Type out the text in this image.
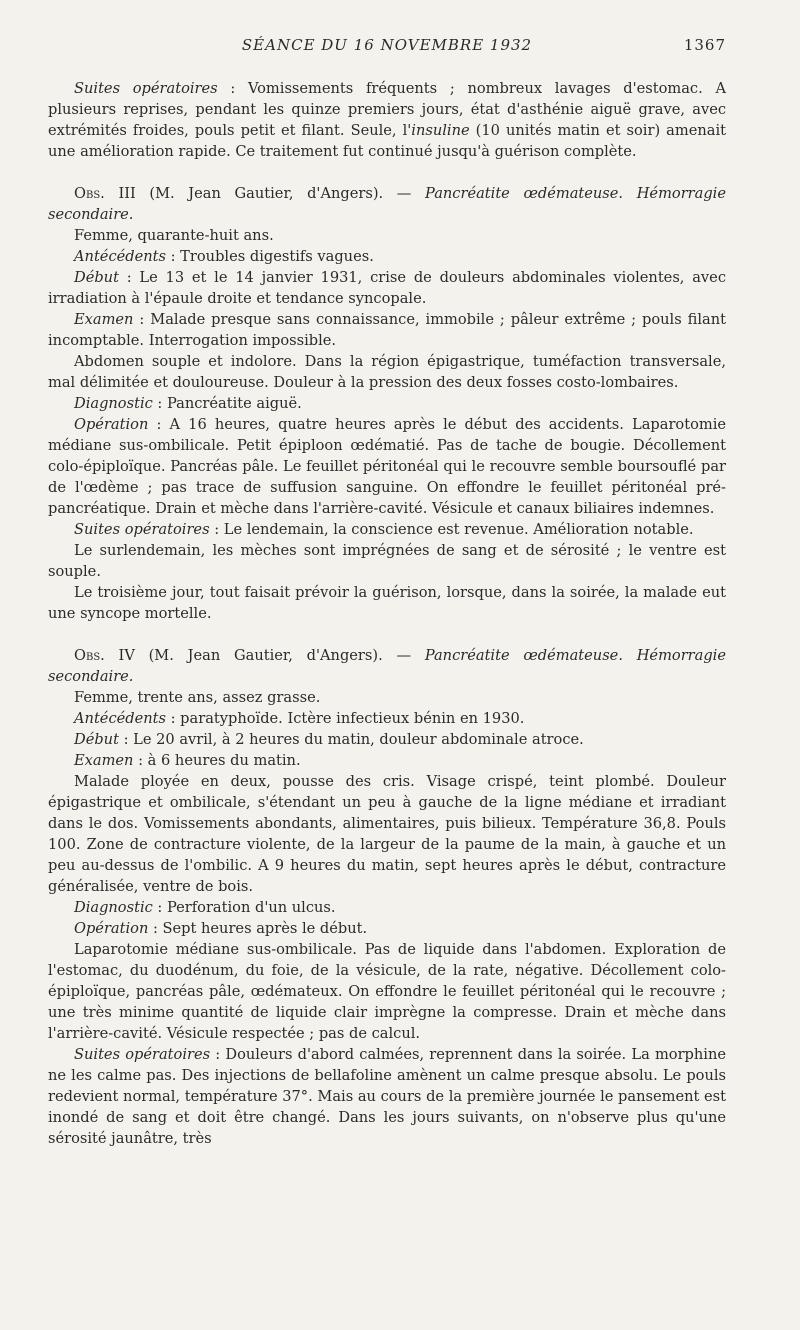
SÉANCE DU 16 NOVEMBRE 1932	1367

Suites opératoires : Vomissements fréquents ; nombreux lavages d'estomac. A plusieurs reprises, pendant les quinze premiers jours, état d'asthénie aiguë grave, avec extrémités froides, pouls petit et filant. Seule, l'insuline (10 unités matin et soir) amenait une amélioration rapide. Ce traitement fut continué jusqu'à guérison complète.

Obs. III (M. Jean Gautier, d'Angers). — Pancréatite œdémateuse. Hémorragie secondaire.

Femme, quarante-huit ans.

Antécédents : Troubles digestifs vagues.

Début : Le 13 et le 14 janvier 1931, crise de douleurs abdominales violentes, avec irradiation à l'épaule droite et tendance syncopale.

Examen : Malade presque sans connaissance, immobile ; pâleur extrême ; pouls filant incomptable. Interrogation impossible.

Abdomen souple et indolore. Dans la région épigastrique, tuméfaction transversale, mal délimitée et douloureuse. Douleur à la pression des deux fosses costo-lombaires.

Diagnostic : Pancréatite aiguë.

Opération : A 16 heures, quatre heures après le début des accidents. Laparotomie médiane sus-ombilicale. Petit épiploon œdématié. Pas de tache de bougie. Décollement colo-épiploïque. Pancréas pâle. Le feuillet péritonéal qui le recouvre semble boursouflé par de l'œdème ; pas trace de suffusion sanguine. On effondre le feuillet péritonéal pré-pancréatique. Drain et mèche dans l'arrière-cavité. Vésicule et canaux biliaires indemnes.

Suites opératoires : Le lendemain, la conscience est revenue. Amélioration notable.

Le surlendemain, les mèches sont imprégnées de sang et de sérosité ; le ventre est souple.

Le troisième jour, tout faisait prévoir la guérison, lorsque, dans la soirée, la malade eut une syncope mortelle.

Obs. IV (M. Jean Gautier, d'Angers). — Pancréatite œdémateuse. Hémorragie secondaire.

Femme, trente ans, assez grasse.

Antécédents : paratyphoïde. Ictère infectieux bénin en 1930.

Début : Le 20 avril, à 2 heures du matin, douleur abdominale atroce.

Examen : à 6 heures du matin.

Malade ployée en deux, pousse des cris. Visage crispé, teint plombé. Douleur épigastrique et ombilicale, s'étendant un peu à gauche de la ligne médiane et irradiant dans le dos. Vomissements abondants, alimentaires, puis bilieux. Température 36,8. Pouls 100. Zone de contracture violente, de la largeur de la paume de la main, à gauche et un peu au-dessus de l'ombilic. A 9 heures du matin, sept heures après le début, contracture généralisée, ventre de bois.

Diagnostic : Perforation d'un ulcus.

Opération : Sept heures après le début.

Laparotomie médiane sus-ombilicale. Pas de liquide dans l'abdomen. Exploration de l'estomac, du duodénum, du foie, de la vésicule, de la rate, négative. Décollement colo-épiploïque, pancréas pâle, œdémateux. On effondre le feuillet péritonéal qui le recouvre ; une très minime quantité de liquide clair imprègne la compresse. Drain et mèche dans l'arrière-cavité. Vésicule respectée ; pas de calcul.

Suites opératoires : Douleurs d'abord calmées, reprennent dans la soirée. La morphine ne les calme pas. Des injections de bellafoline amènent un calme presque absolu. Le pouls redevient normal, température 37°. Mais au cours de la première journée le pansement est inondé de sang et doit être changé. Dans les jours suivants, on n'observe plus qu'une sérosité jaunâtre, très
